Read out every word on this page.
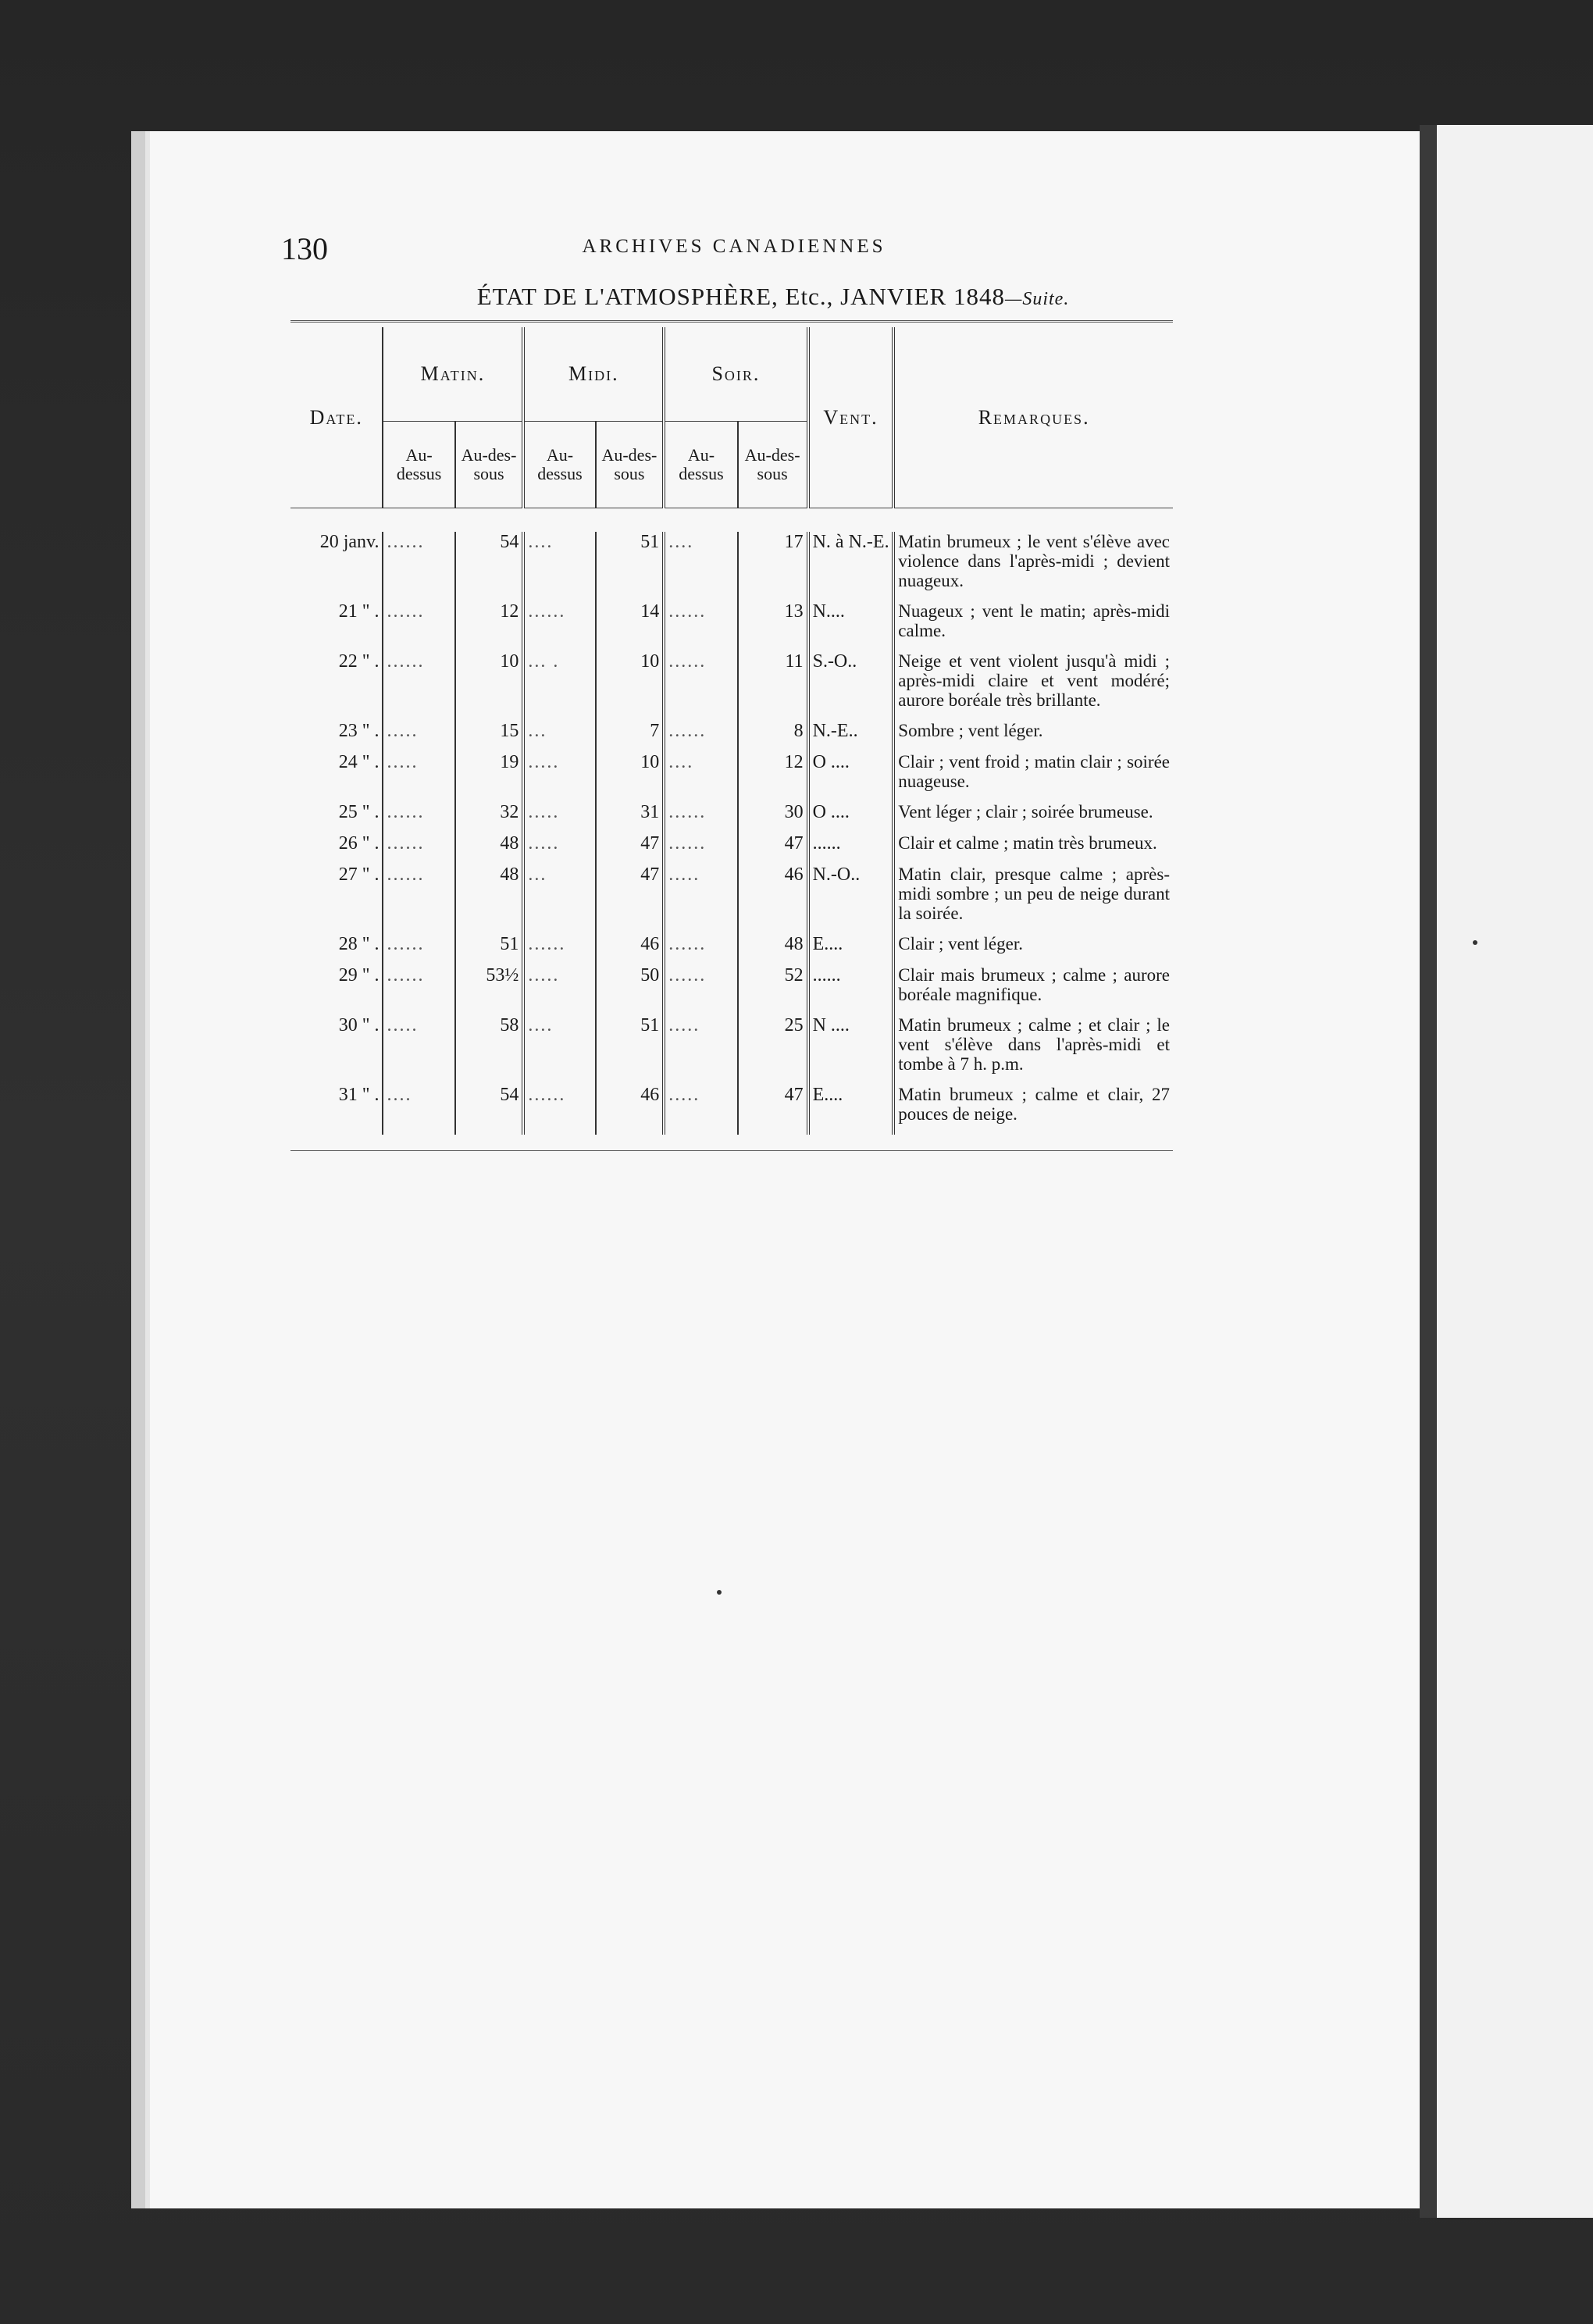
130	ARCHIVES CANADIENNES
ÉTAT DE L'ATMOSPHÈRE, Etc., JANVIER 1848—Suite.

Date.	Matin.		Midi.		Soir.		Vent.	Remarques.
	Au-dessus	Au-des-sous	Au-dessus	Au-des-sous	Au-dessus	Au-des-sous		

20 janv.	......	54	....	51	....	17	N. à N.-E.	Matin brumeux ; le vent s'élève avec violence dans l'après-midi ; devient nuageux.
21 " .	......	12	......	14	......	13	N....	Nuageux ; vent le matin; après-midi calme.
22 " .	......	10	... .	10	......	11	S.-O..	Neige et vent violent jusqu'à midi ; après-midi claire et vent modéré; aurore boréale très brillante.
23 " .	.....	15	...	7	......	8	N.-E..	Sombre ; vent léger.
24 " .	.....	19	.....	10	....	12	O ....	Clair ; vent froid ; matin clair ; soirée nuageuse.
25 " .	......	32	.....	31	......	30	O ....	Vent léger ; clair ; soirée brumeuse.
26 " .	......	48	.....	47	......	47	......	Clair et calme ; matin très brumeux.
27 " .	......	48	...	47	.....	46	N.-O..	Matin clair, presque calme ; après-midi sombre ; un peu de neige durant la soirée.
28 " .	......	51	......	46	......	48	E....	Clair ; vent léger.
29 " .	......	53½	.....	50	......	52	......	Clair mais brumeux ; calme ; aurore boréale magnifique.
30 " .	.....	58	....	51	.....	25	N ....	Matin brumeux ; calme ; et clair ; le vent s'élève dans l'après-midi et tombe à 7 h. p.m.
31 " .	....	54	......	46	.....	47	E....	Matin brumeux ; calme et clair, 27 pouces de neige.
